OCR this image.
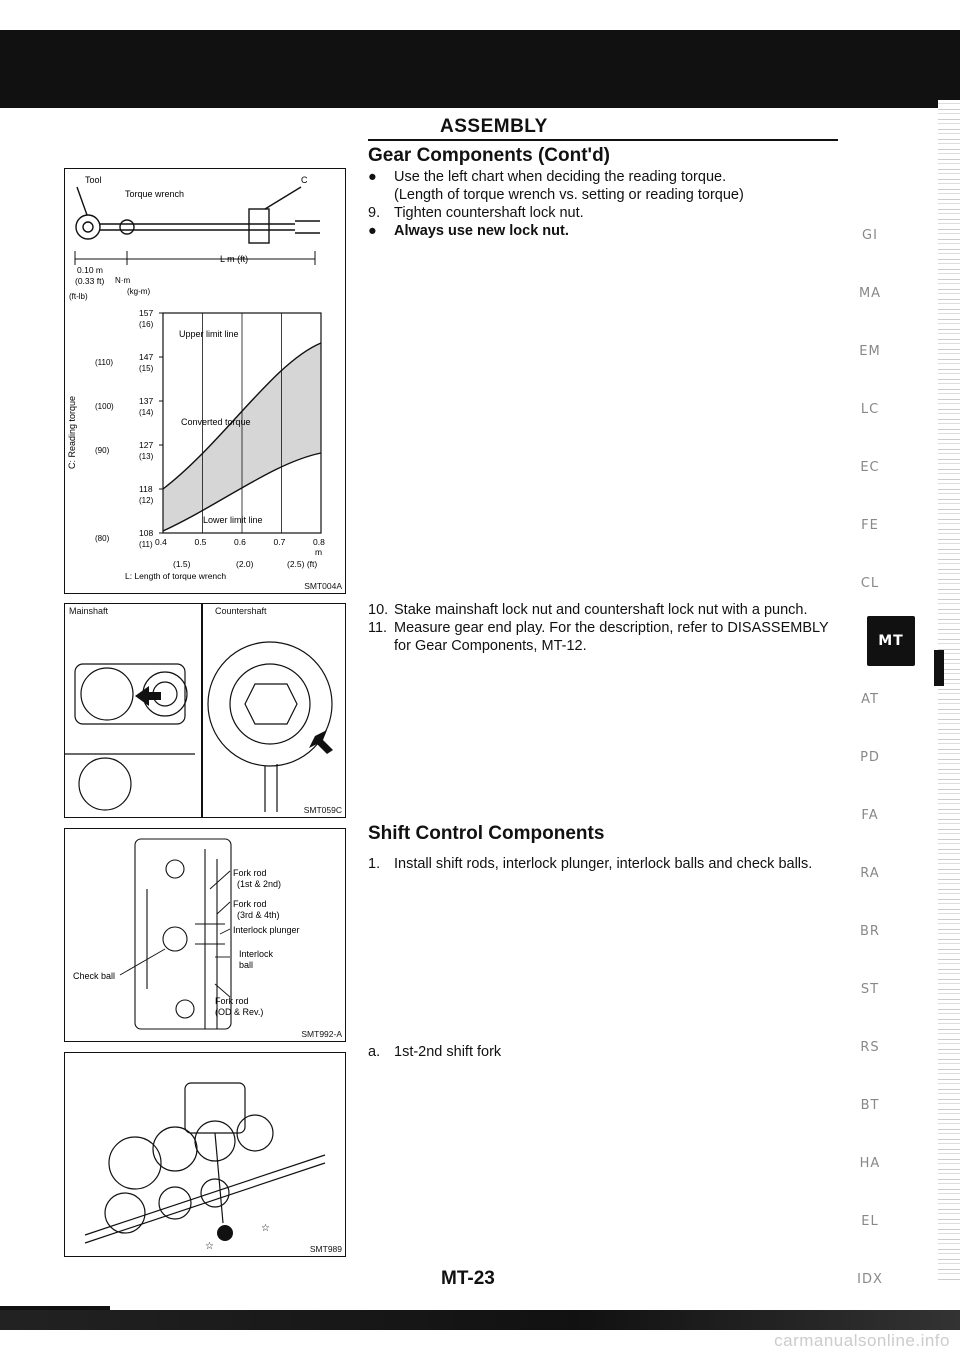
ASSEMBLY
Gear Components (Cont'd)
●	Use the left chart when deciding the reading torque.
(Length of torque wrench vs. setting or reading torque)
9. Tighten countershaft lock nut.
●	Always use new lock nut.
10. Stake mainshaft lock nut and countershaft lock nut with a punch.
11. Measure gear end play. For the description, refer to DISASSEMBLY for Gear Components, MT-12.
Shift Control Components
1. Install shift rods, interlock plunger, interlock balls and check balls.
a. 1st-2nd shift fork
Tool
Torque wrench
C
L m (ft)
0.10 m
(0.33 ft) N·m
(kg-m)
(ft-lb)
Upper limit line
Converted torque
Lower limit line
157
(16)
147
(15)
(110)
137
(14)
(100)
127
(13)
(90)
118
(12)
108
(11)
(80)	0.4	0.5	0.6	0.7	0.8
m
(1.5)	(2.0)	(2.5) (ft)
C: Reading torque
L: Length of torque wrench
SMT004A
Mainshaft	Countershaft
SMT059C
Fork rod
(1st & 2nd)
Fork rod
(3rd & 4th)
Interlock plunger
Interlock
ball
Fork rod
(OD & Rev.)
Check ball
SMT992-A
☆
☆
SMT989
GI
MA
EM
LC
EC
FE
CL
MT
AT
PD
FA
RA
BR
ST
RS
BT
HA
EL
IDX
MT-23
carmanualsonline.info
